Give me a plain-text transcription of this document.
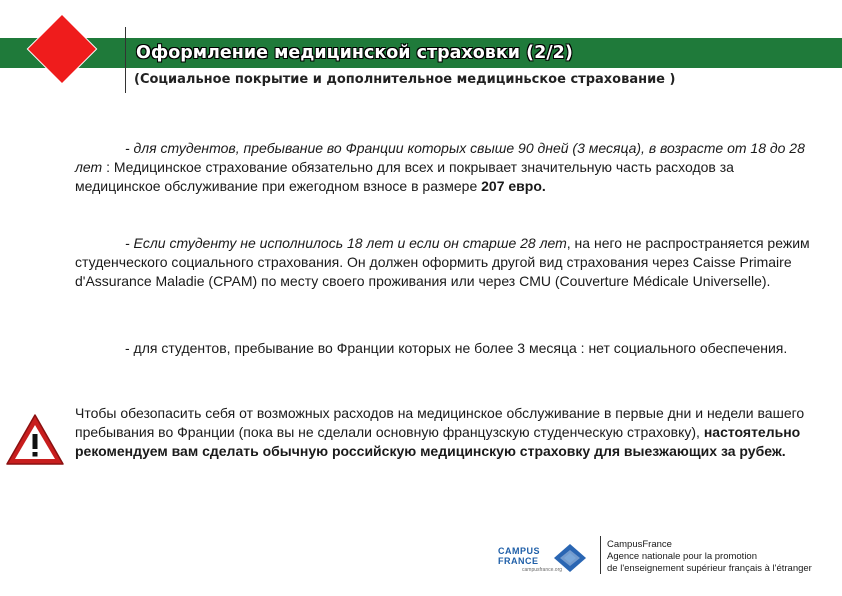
Оформление медицинской страховки (2/2)
(Социальное покрытие и дополнительное медициньское страхование )

- для студентов, пребывание во Франции которых свыше 90 дней (3 месяца), в возрасте от 18 до 28 лет : Медицинское страхование обязательно для всех и покрывает значительную часть расходов за медицинское обслуживание при ежегодном взносе в размере 207 евро.

- Если студенту не исполнилось 18 лет и если он старше 28 лет, на него не распространяется режим студенческого социального страхования. Он должен оформить другой вид страхования через Caisse Primaire d'Assurance Maladie (CPAM) по месту своего проживания или через CMU (Couverture Médicale Universelle).

- для студентов, пребывание во Франции которых не более 3 месяца : нет социального обеспечения.

Чтобы обезопасить себя от возможных расходов на медицинское обслуживание в первые дни и недели вашего пребывания во Франции (пока вы не сделали основную французскую студенческую страховку), настоятельно рекомендуем вам сделать обычную российскую медицинскую страховку для выезжающих за рубеж.

CAMPUS
FRANCE
campusfrance.org
CampusFrance
Agence nationale pour la promotion
de l'enseignement supérieur français à l'étranger
